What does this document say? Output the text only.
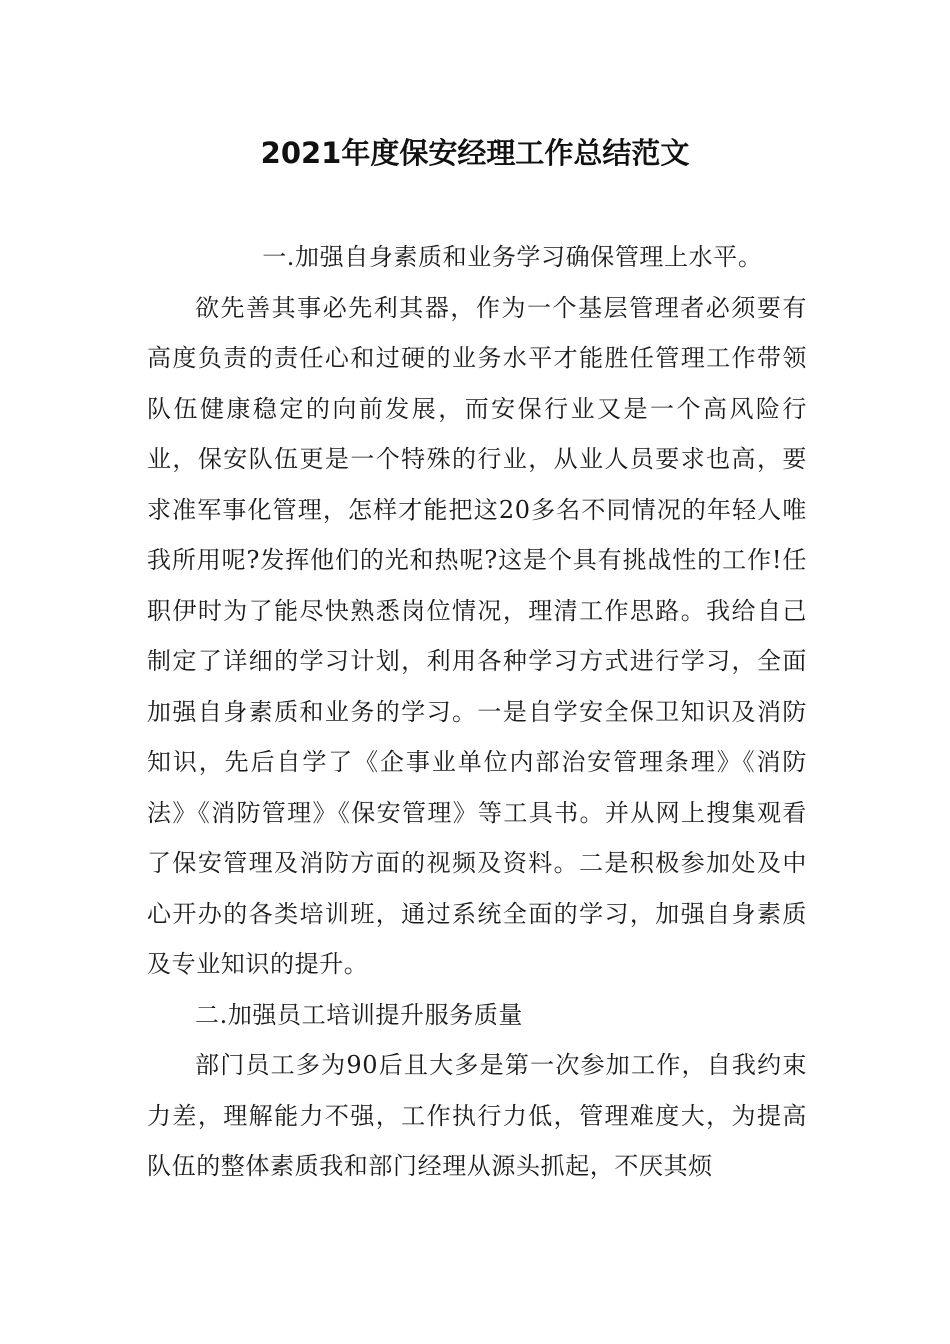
2021年度保安经理工作总结范文

一.加强自身素质和业务学习确保管理上水平。

欲先善其事必先利其器，作为一个基层管理者必须要有高度负责的责任心和过硬的业务水平才能胜任管理工作带领队伍健康稳定的向前发展，而安保行业又是一个高风险行业，保安队伍更是一个特殊的行业，从业人员要求也高，要求准军事化管理，怎样才能把这20多名不同情况的年轻人唯我所用呢?发挥他们的光和热呢?这是个具有挑战性的工作!任职伊时为了能尽快熟悉岗位情况，理清工作思路。我给自己制定了详细的学习计划，利用各种学习方式进行学习，全面加强自身素质和业务的学习。一是自学安全保卫知识及消防知识，先后自学了《企事业单位内部治安管理条理》《消防法》《消防管理》《保安管理》等工具书。并从网上搜集观看了保安管理及消防方面的视频及资料。二是积极参加处及中心开办的各类培训班，通过系统全面的学习，加强自身素质及专业知识的提升。

二.加强员工培训提升服务质量

部门员工多为90后且大多是第一次参加工作，自我约束力差，理解能力不强，工作执行力低，管理难度大，为提高队伍的整体素质我和部门经理从源头抓起，不厌其烦
